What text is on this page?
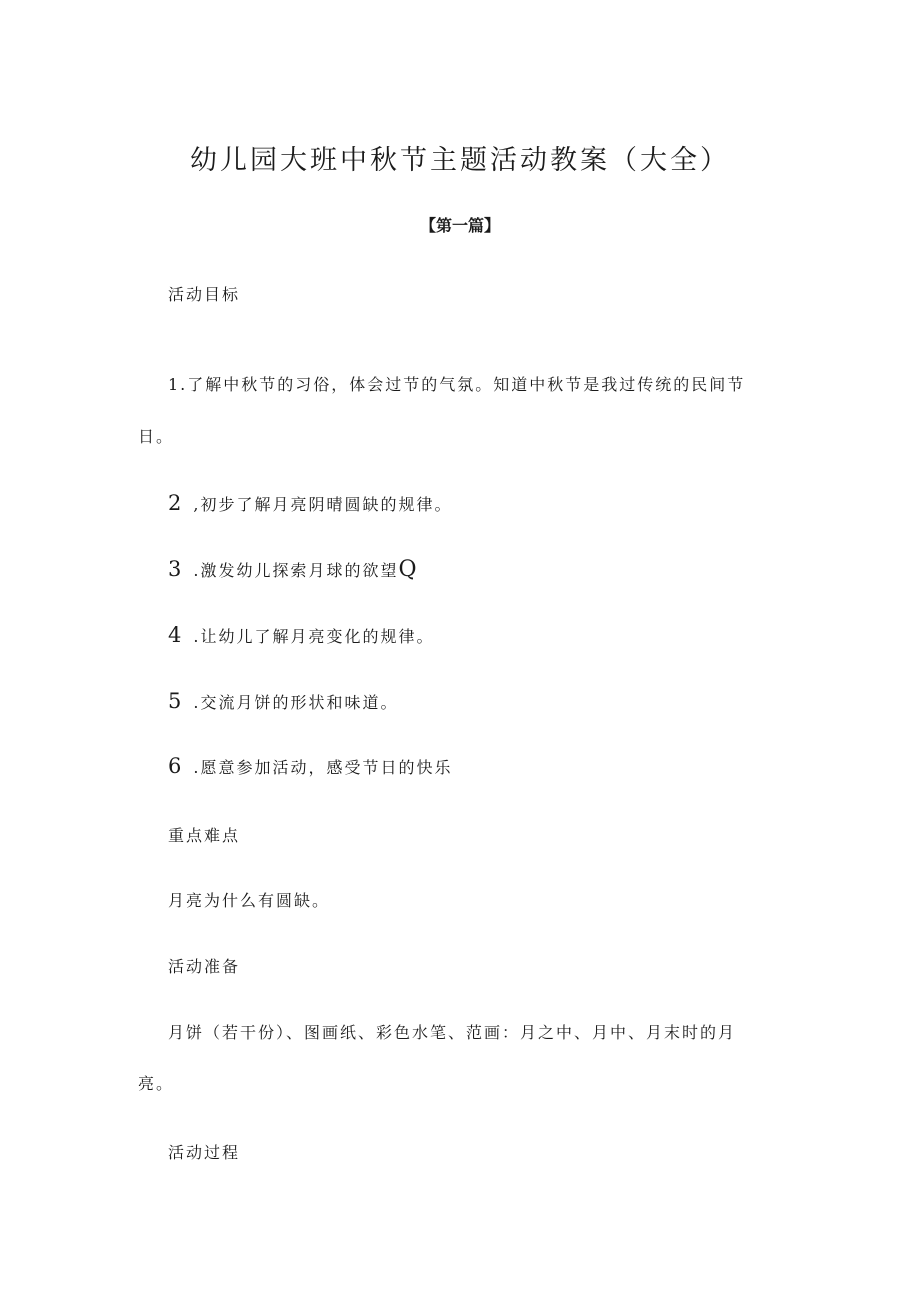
幼儿园大班中秋节主题活动教案（大全）
【第一篇】
活动目标
1.了解中秋节的习俗，体会过节的气氛。知道中秋节是我过传统的民间节
日。
2 ,初步了解月亮阴晴圆缺的规律。
3 .激发幼儿探索月球的欲望Q
4 .让幼儿了解月亮变化的规律。
5 .交流月饼的形状和味道。
6 .愿意参加活动，感受节日的快乐
重点难点
月亮为什么有圆缺。
活动准备
月饼（若干份）、图画纸、彩色水笔、范画：月之中、月中、月末时的月
亮。
活动过程
